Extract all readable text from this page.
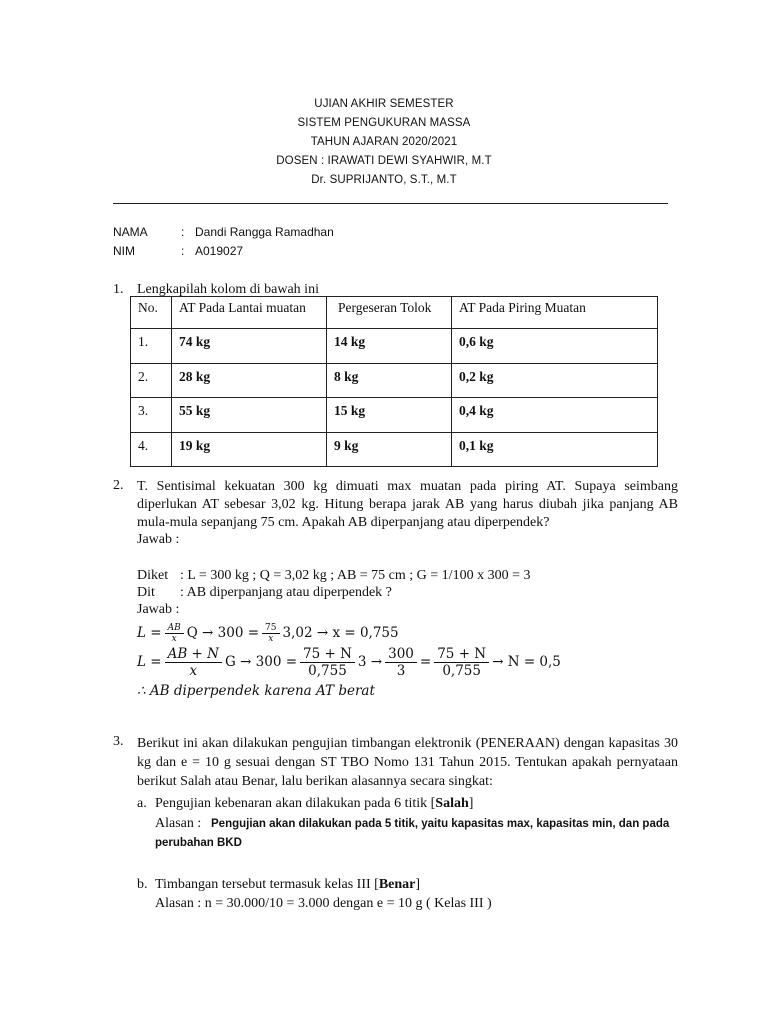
UJIAN AKHIR SEMESTER
SISTEM PENGUKURAN MASSA
TAHUN AJARAN 2020/2021
DOSEN : IRAWATI DEWI SYAHWIR, M.T
Dr. SUPRIJANTO, S.T., M.T
NAMA	: Dandi Rangga Ramadhan
NIM	: A019027
1. Lengkapilah kolom di bawah ini
No.	AT Pada Lantai muatan	Pergeseran Tolok	AT Pada Piring Muatan
1.	74 kg	14 kg	0,6 kg
2.	28 kg	8 kg	0,2 kg
3.	55 kg	15 kg	0,4 kg
4.	19 kg	9 kg	0,1 kg
2. T. Sentisimal kekuatan 300 kg dimuati max muatan pada piring AT. Supaya seimbang diperlukan AT sebesar 3,02 kg. Hitung berapa jarak AB yang harus diubah jika panjang AB mula-mula sepanjang 75 cm. Apakah AB diperpanjang atau diperpendek?
Jawab :
Diket : L = 300 kg ; Q = 3,02 kg ; AB = 75 cm ; G = 1/100 x 300 = 3
Dit : AB diperpanjang atau diperpendek ?
Jawab :
$L = \frac{AB}{x}$ $Q \to 300 = \frac{75}{x} 3,02 \to x = 0,755$
$L = \frac{AB + N}{x}$ $G \to 300 = \frac{75 + N}{0,755} 3 \to \frac{300}{3} = \frac{75 + N}{0,755} \to N = 0,5$
∴ AB diperpendek karena AT berat
3. Berikut ini akan dilakukan pengujian timbangan elektronik (PENERAAN) dengan kapasitas 30 kg dan e = 10 g sesuai dengan ST TBO Nomo 131 Tahun 2015. Tentukan apakah pernyataan berikut Salah atau Benar, lalu berikan alasannya secara singkat:
a. Pengujian kebenaran akan dilakukan pada 6 titik [Salah]
Alasan : Pengujian akan dilakukan pada 5 titik, yaitu kapasitas max, kapasitas min, dan pada
perubahan BKD
b. Timbangan tersebut termasuk kelas III [Benar]
Alasan : n = 30.000/10 = 3.000 dengan e = 10 g ( Kelas III )
